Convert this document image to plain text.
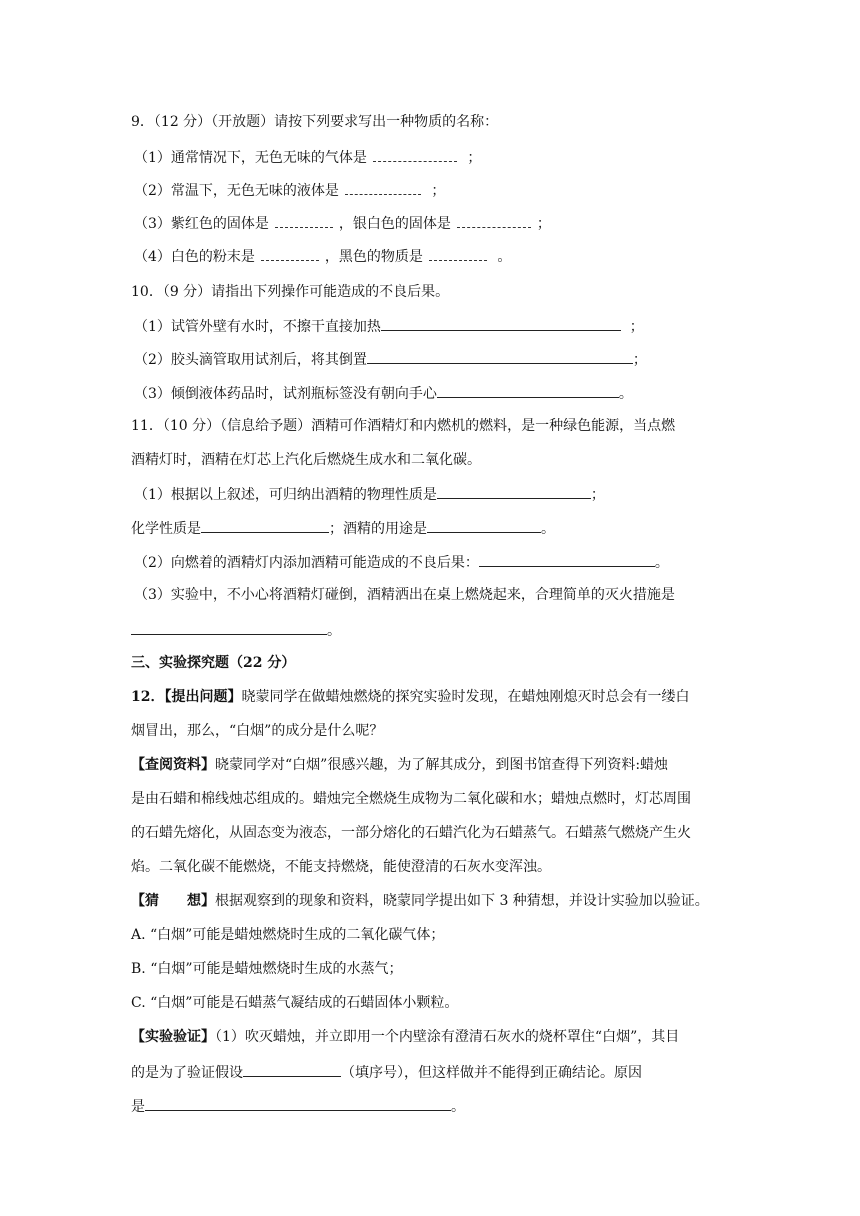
9．（12 分）（开放题）请按下列要求写出一种物质的名称：
（1）通常情况下，无色无味的气体是	；
（2）常温下，无色无味的液体是	；
（3）紫红色的固体是	，银白色的固体是	；
（4）白色的粉末是	，黑色的物质是	。
10．（9 分）请指出下列操作可能造成的不良后果。
（1）试管外壁有水时，不擦干直接加热	；
（2）胶头滴管取用试剂后，将其倒置	；
（3）倾倒液体药品时，试剂瓶标签没有朝向手心	。
11．（10 分）（信息给予题）酒精可作酒精灯和内燃机的燃料，是一种绿色能源，当点燃
酒精灯时，酒精在灯芯上汽化后燃烧生成水和二氧化碳。
（1）根据以上叙述，可归纳出酒精的物理性质是	；
化学性质是	；酒精的用途是	。
（2）向燃着的酒精灯内添加酒精可能造成的不良后果：	。
（3）实验中，不小心将酒精灯碰倒，酒精洒出在桌上燃烧起来，合理简单的灭火措施是
。
三、实验探究题（22 分）
12．【提出问题】晓蒙同学在做蜡烛燃烧的探究实验时发现，在蜡烛刚熄灭时总会有一缕白
烟冒出，那么，“白烟”的成分是什么呢？
【查阅资料】晓蒙同学对“白烟”很感兴趣，为了解其成分，到图书馆查得下列资料:蜡烛
是由石蜡和棉线烛芯组成的。蜡烛完全燃烧生成物为二氧化碳和水；蜡烛点燃时，灯芯周围
的石蜡先熔化，从固态变为液态，一部分熔化的石蜡汽化为石蜡蒸气。石蜡蒸气燃烧产生火
焰。二氧化碳不能燃烧，不能支持燃烧，能使澄清的石灰水变浑浊。
【猜 想】根据观察到的现象和资料，晓蒙同学提出如下 3 种猜想，并设计实验加以验证。
A. “白烟”可能是蜡烛燃烧时生成的二氧化碳气体；
B. “白烟”可能是蜡烛燃烧时生成的水蒸气；
C. “白烟”可能是石蜡蒸气凝结成的石蜡固体小颗粒。
【实验验证】（1）吹灭蜡烛，并立即用一个内壁涂有澄清石灰水的烧杯罩住“白烟”，其目
的是为了验证假设	（填序号），但这样做并不能得到正确结论。原因
是	。
